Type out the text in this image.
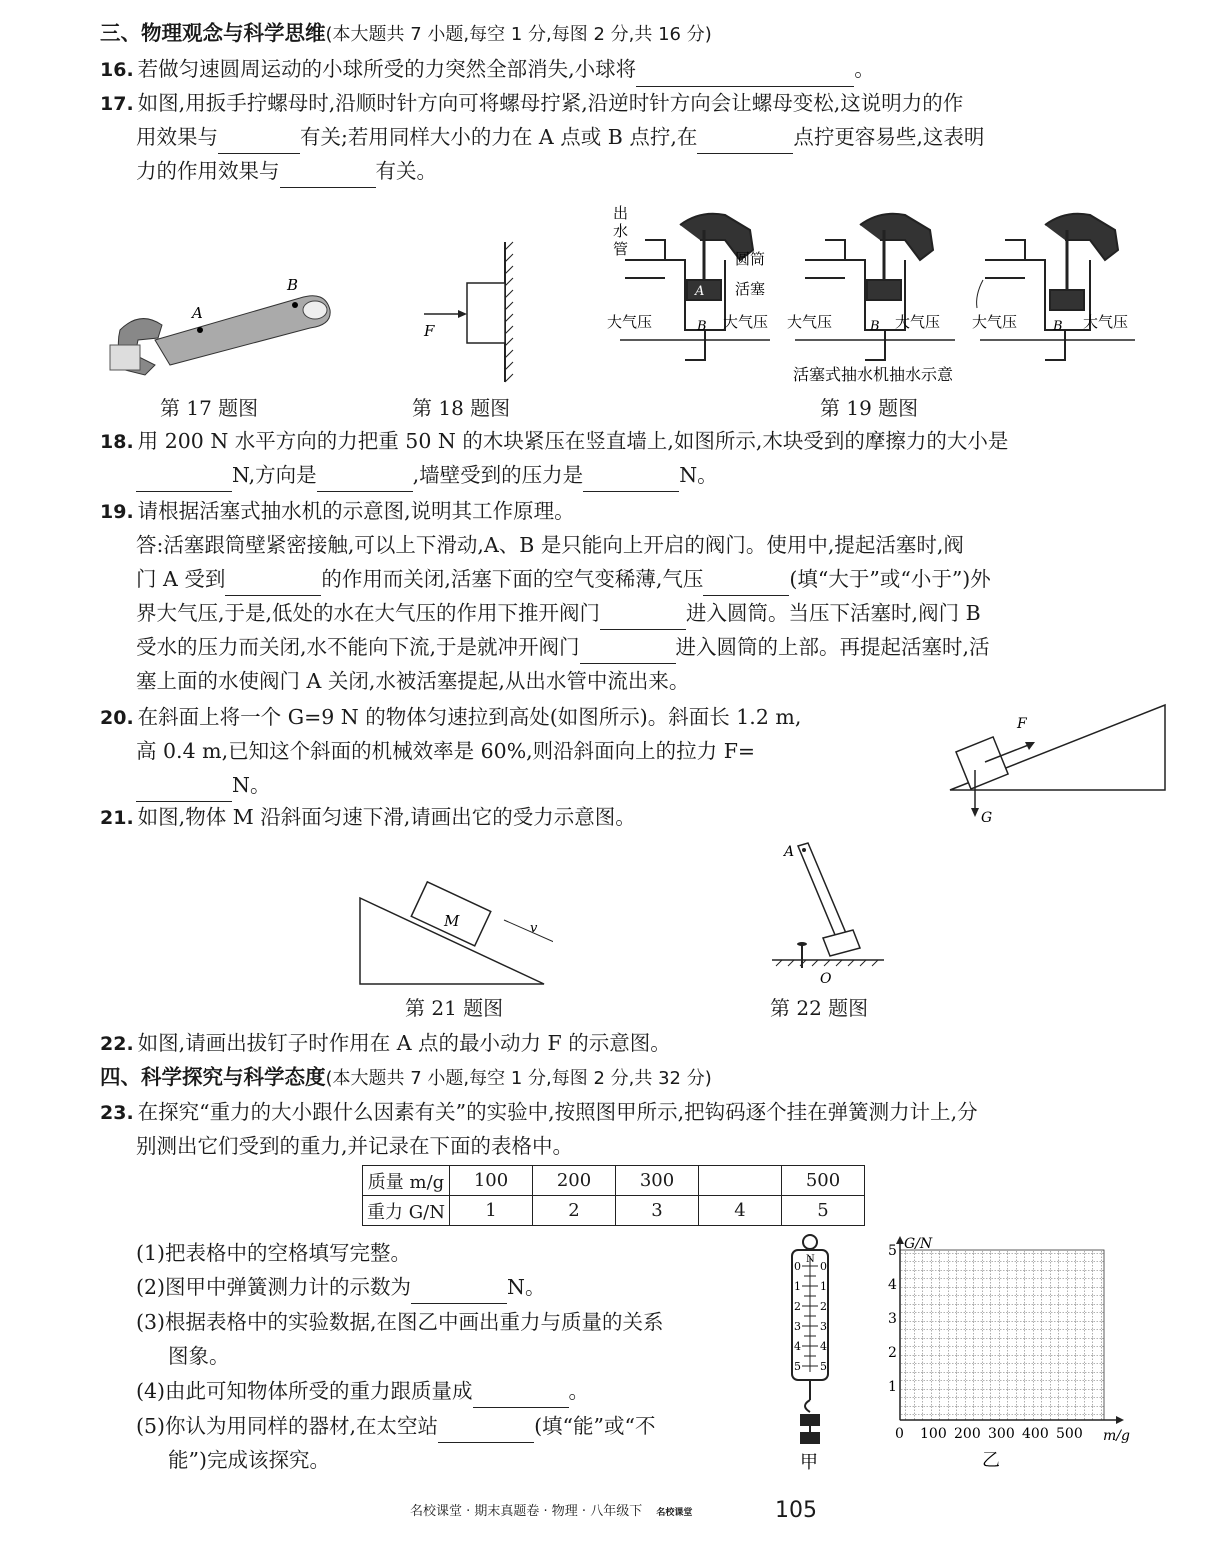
三、物理观念与科学思维(本大题共 7 小题,每空 1 分,每图 2 分,共 16 分)
16. 若做匀速圆周运动的小球所受的力突然全部消失,小球将	。
17. 如图,用扳手拧螺母时,沿顺时针方向可将螺母拧紧,沿逆时针方向会让螺母变松,这说明力的作
用效果与	有关;若用同样大小的力在 A 点或 B 点拧,在	点拧更容易些,这表明
力的作用效果与	有关。
A
B
第 17 题图
F
第 18 题图
出
水
管
圆筒
活塞
A
B	B	B
大气压	大气压 大气压	大气压 大气压	大气压
活塞式抽水机抽水示意
第 19 题图
18. 用 200 N 水平方向的力把重 50 N 的木块紧压在竖直墙上,如图所示,木块受到的摩擦力的大小是
N,方向是	,墙壁受到的压力是	N。
19. 请根据活塞式抽水机的示意图,说明其工作原理。
答:活塞跟筒壁紧密接触,可以上下滑动,A、B 是只能向上开启的阀门。使用中,提起活塞时,阀
门 A 受到	的作用而关闭,活塞下面的空气变稀薄,气压	(填“大于”或“小于”)外
界大气压,于是,低处的水在大气压的作用下推开阀门	进入圆筒。当压下活塞时,阀门 B
受水的压力而关闭,水不能向下流,于是就冲开阀门	进入圆筒的上部。再提起活塞时,活
塞上面的水使阀门 A 关闭,水被活塞提起,从出水管中流出来。
20. 在斜面上将一个 G=9 N 的物体匀速拉到高处(如图所示)。斜面长 1.2 m,
高 0.4 m,已知这个斜面的机械效率是 60%,则沿斜面向上的拉力 F=
N。
F
G
21. 如图,物体 M 沿斜面匀速下滑,请画出它的受力示意图。
M	v
第 21 题图
A
O
第 22 题图
22. 如图,请画出拔钉子时作用在 A 点的最小动力 F 的示意图。
四、科学探究与科学态度(本大题共 7 小题,每空 1 分,每图 2 分,共 32 分)
23. 在探究“重力的大小跟什么因素有关”的实验中,按照图甲所示,把钩码逐个挂在弹簧测力计上,分
别测出它们受到的重力,并记录在下面的表格中。
质量 m/g	100	200	300		500
重力 G/N	1	2	3	4	5
(1)把表格中的空格填写完整。
(2)图甲中弹簧测力计的示数为	N。
(3)根据表格中的实验数据,在图乙中画出重力与质量的关系
图象。
(4)由此可知物体所受的重力跟质量成	。
(5)你认为用同样的器材,在太空站	(填“能”或“不
能”)完成该探究。
N
0
1
2
3
4
5
0
1
2
3
4
5
甲
G/N
m/g
1
2
3
4
5
0 100 200 300 400 500
乙
名校课堂 · 期末真题卷 · 物理 · 八年级下 名校课堂	105
